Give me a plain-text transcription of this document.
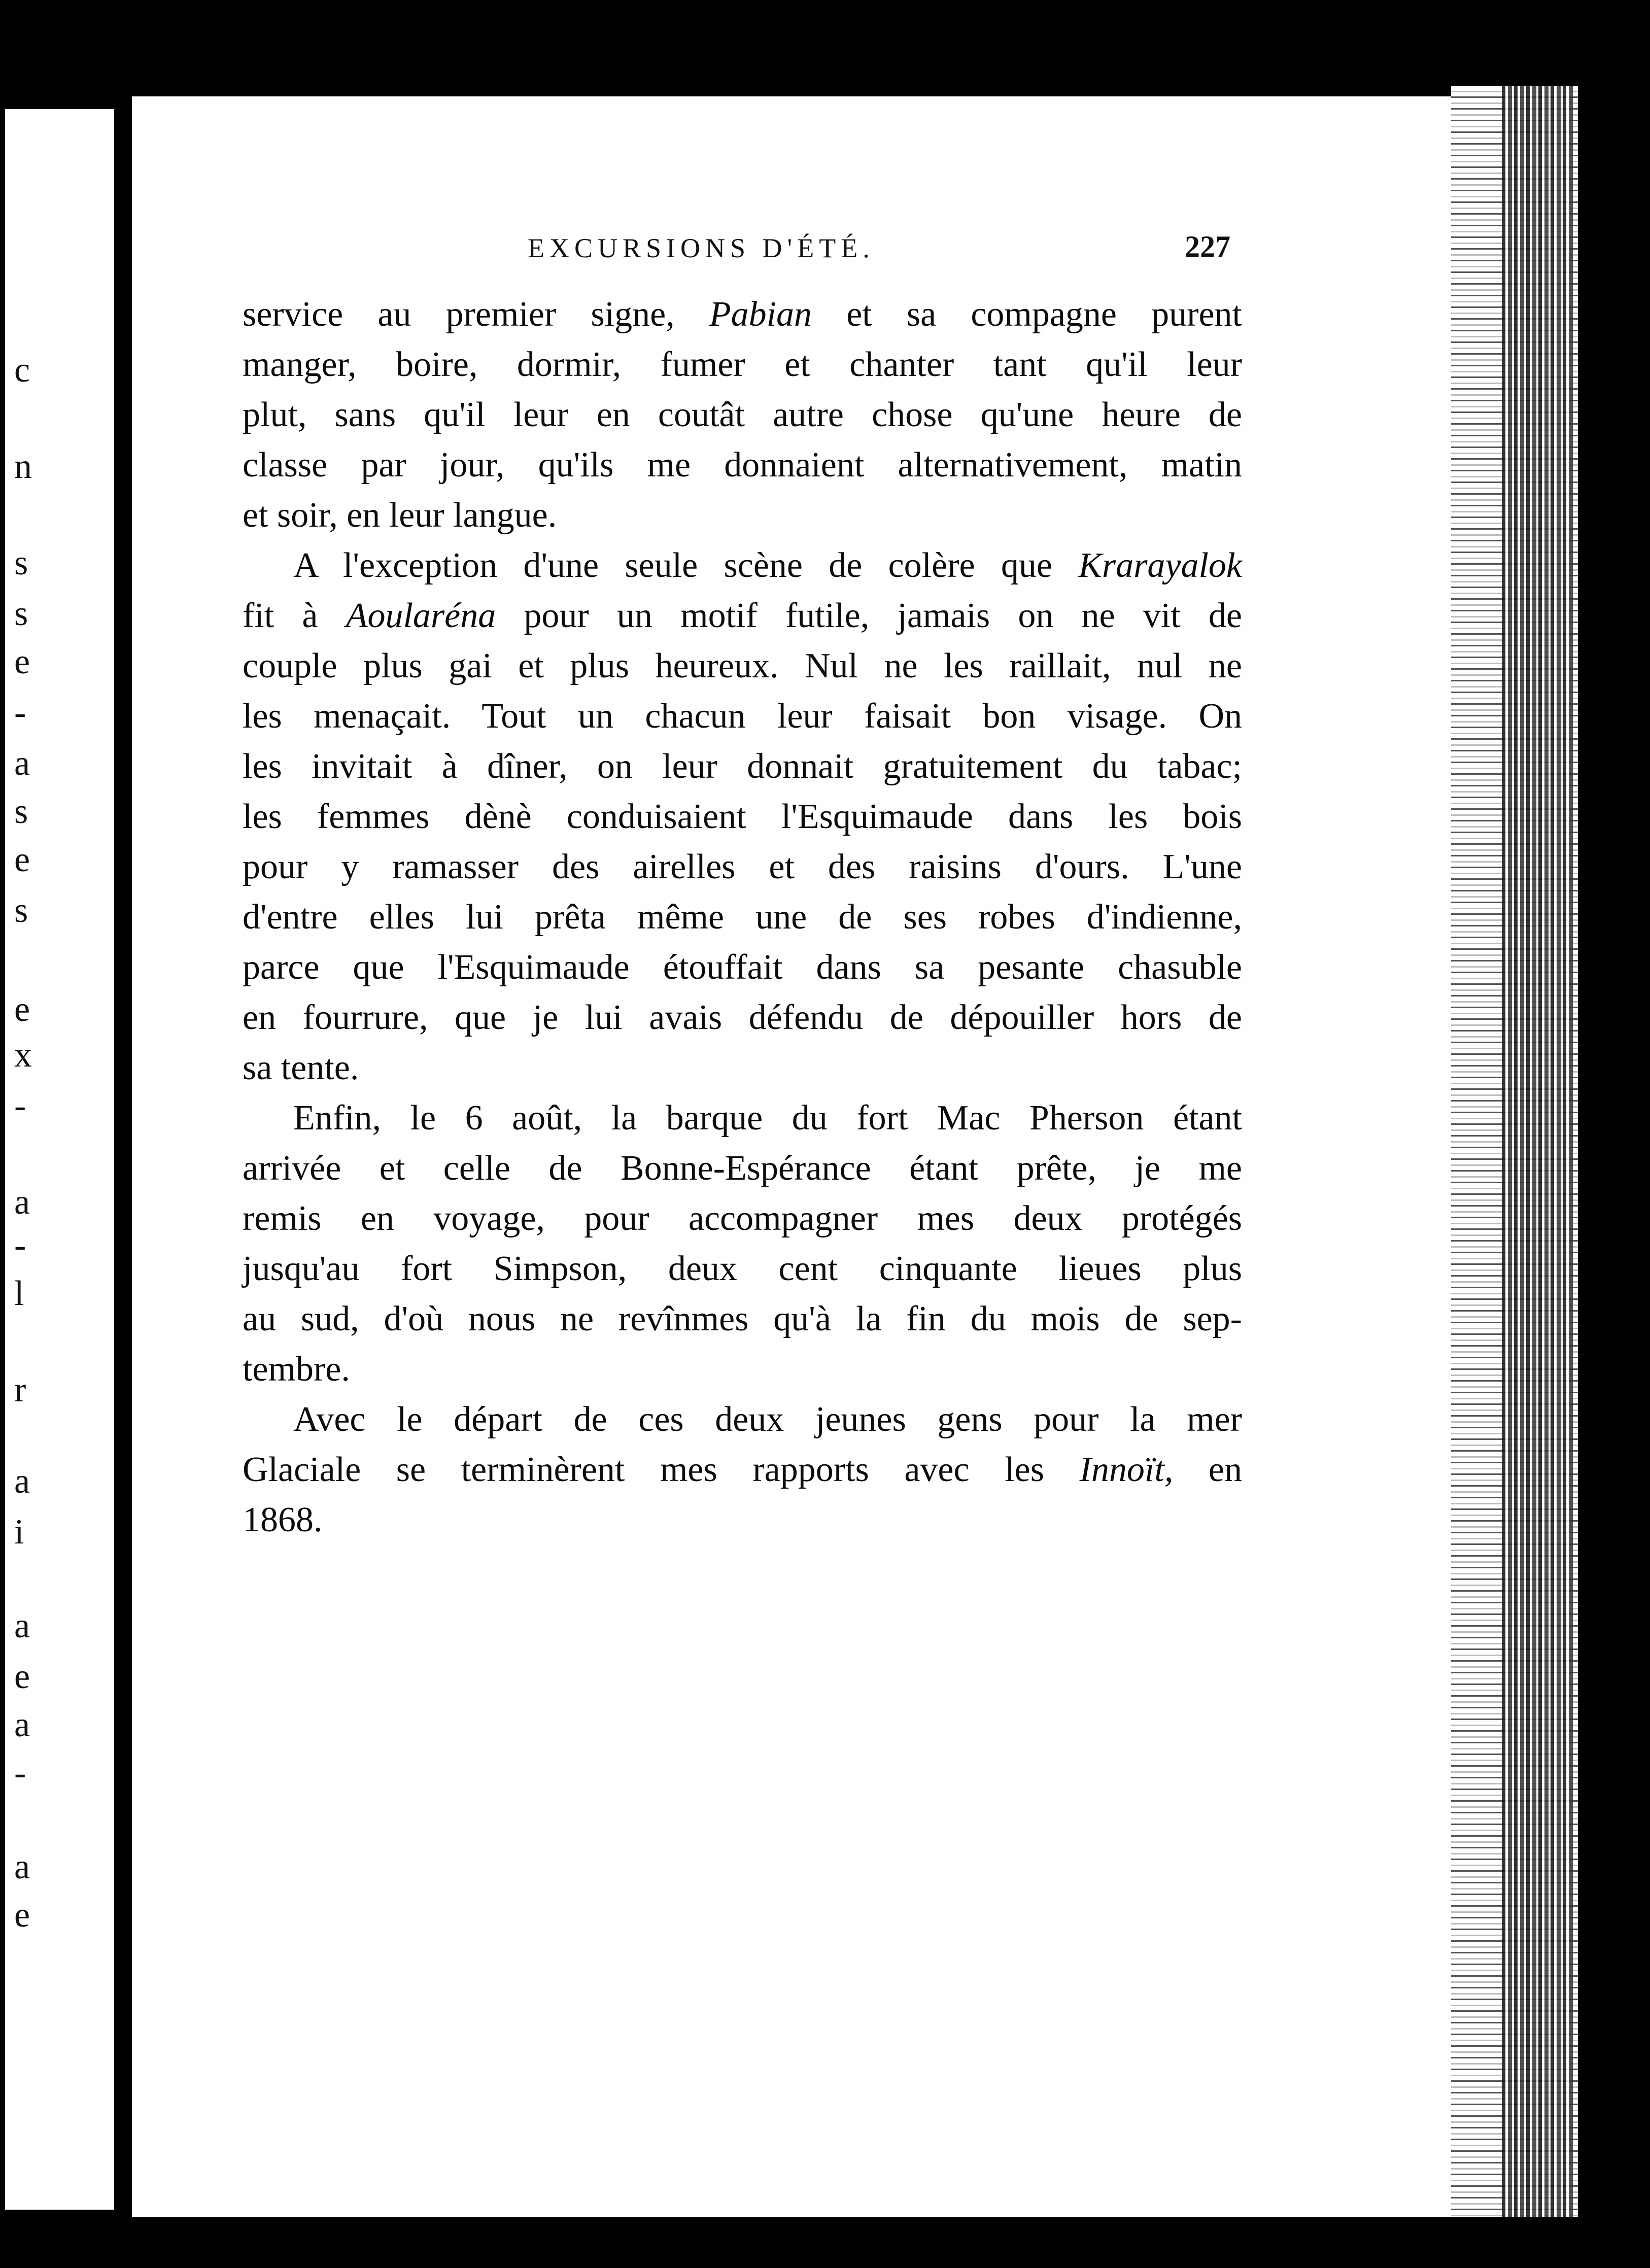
c
n
s
s
e
-
a
s
e
s
e
x
-
a
-
l
r
a
i
a
e
a
-
a
e
EXCURSIONS D'ÉTÉ.	227
service au premier signe, Pabian et sa compagne purent
manger, boire, dormir, fumer et chanter tant qu'il leur
plut, sans qu'il leur en coutât autre chose qu'une heure de
classe par jour, qu'ils me donnaient alternativement, matin
et soir, en leur langue.
A l'exception d'une seule scène de colère que Krarayalok
fit à Aoularéna pour un motif futile, jamais on ne vit de
couple plus gai et plus heureux. Nul ne les raillait, nul ne
les menaçait. Tout un chacun leur faisait bon visage. On
les invitait à dîner, on leur donnait gratuitement du tabac;
les femmes dènè conduisaient l'Esquimaude dans les bois
pour y ramasser des airelles et des raisins d'ours. L'une
d'entre elles lui prêta même une de ses robes d'indienne,
parce que l'Esquimaude étouffait dans sa pesante chasuble
en fourrure, que je lui avais défendu de dépouiller hors de
sa tente.
Enfin, le 6 août, la barque du fort Mac Pherson étant
arrivée et celle de Bonne-Espérance étant prête, je me
remis en voyage, pour accompagner mes deux protégés
jusqu'au fort Simpson, deux cent cinquante lieues plus
au sud, d'où nous ne revînmes qu'à la fin du mois de sep-
tembre.
Avec le départ de ces deux jeunes gens pour la mer
Glaciale se terminèrent mes rapports avec les Innoït, en
1868.
